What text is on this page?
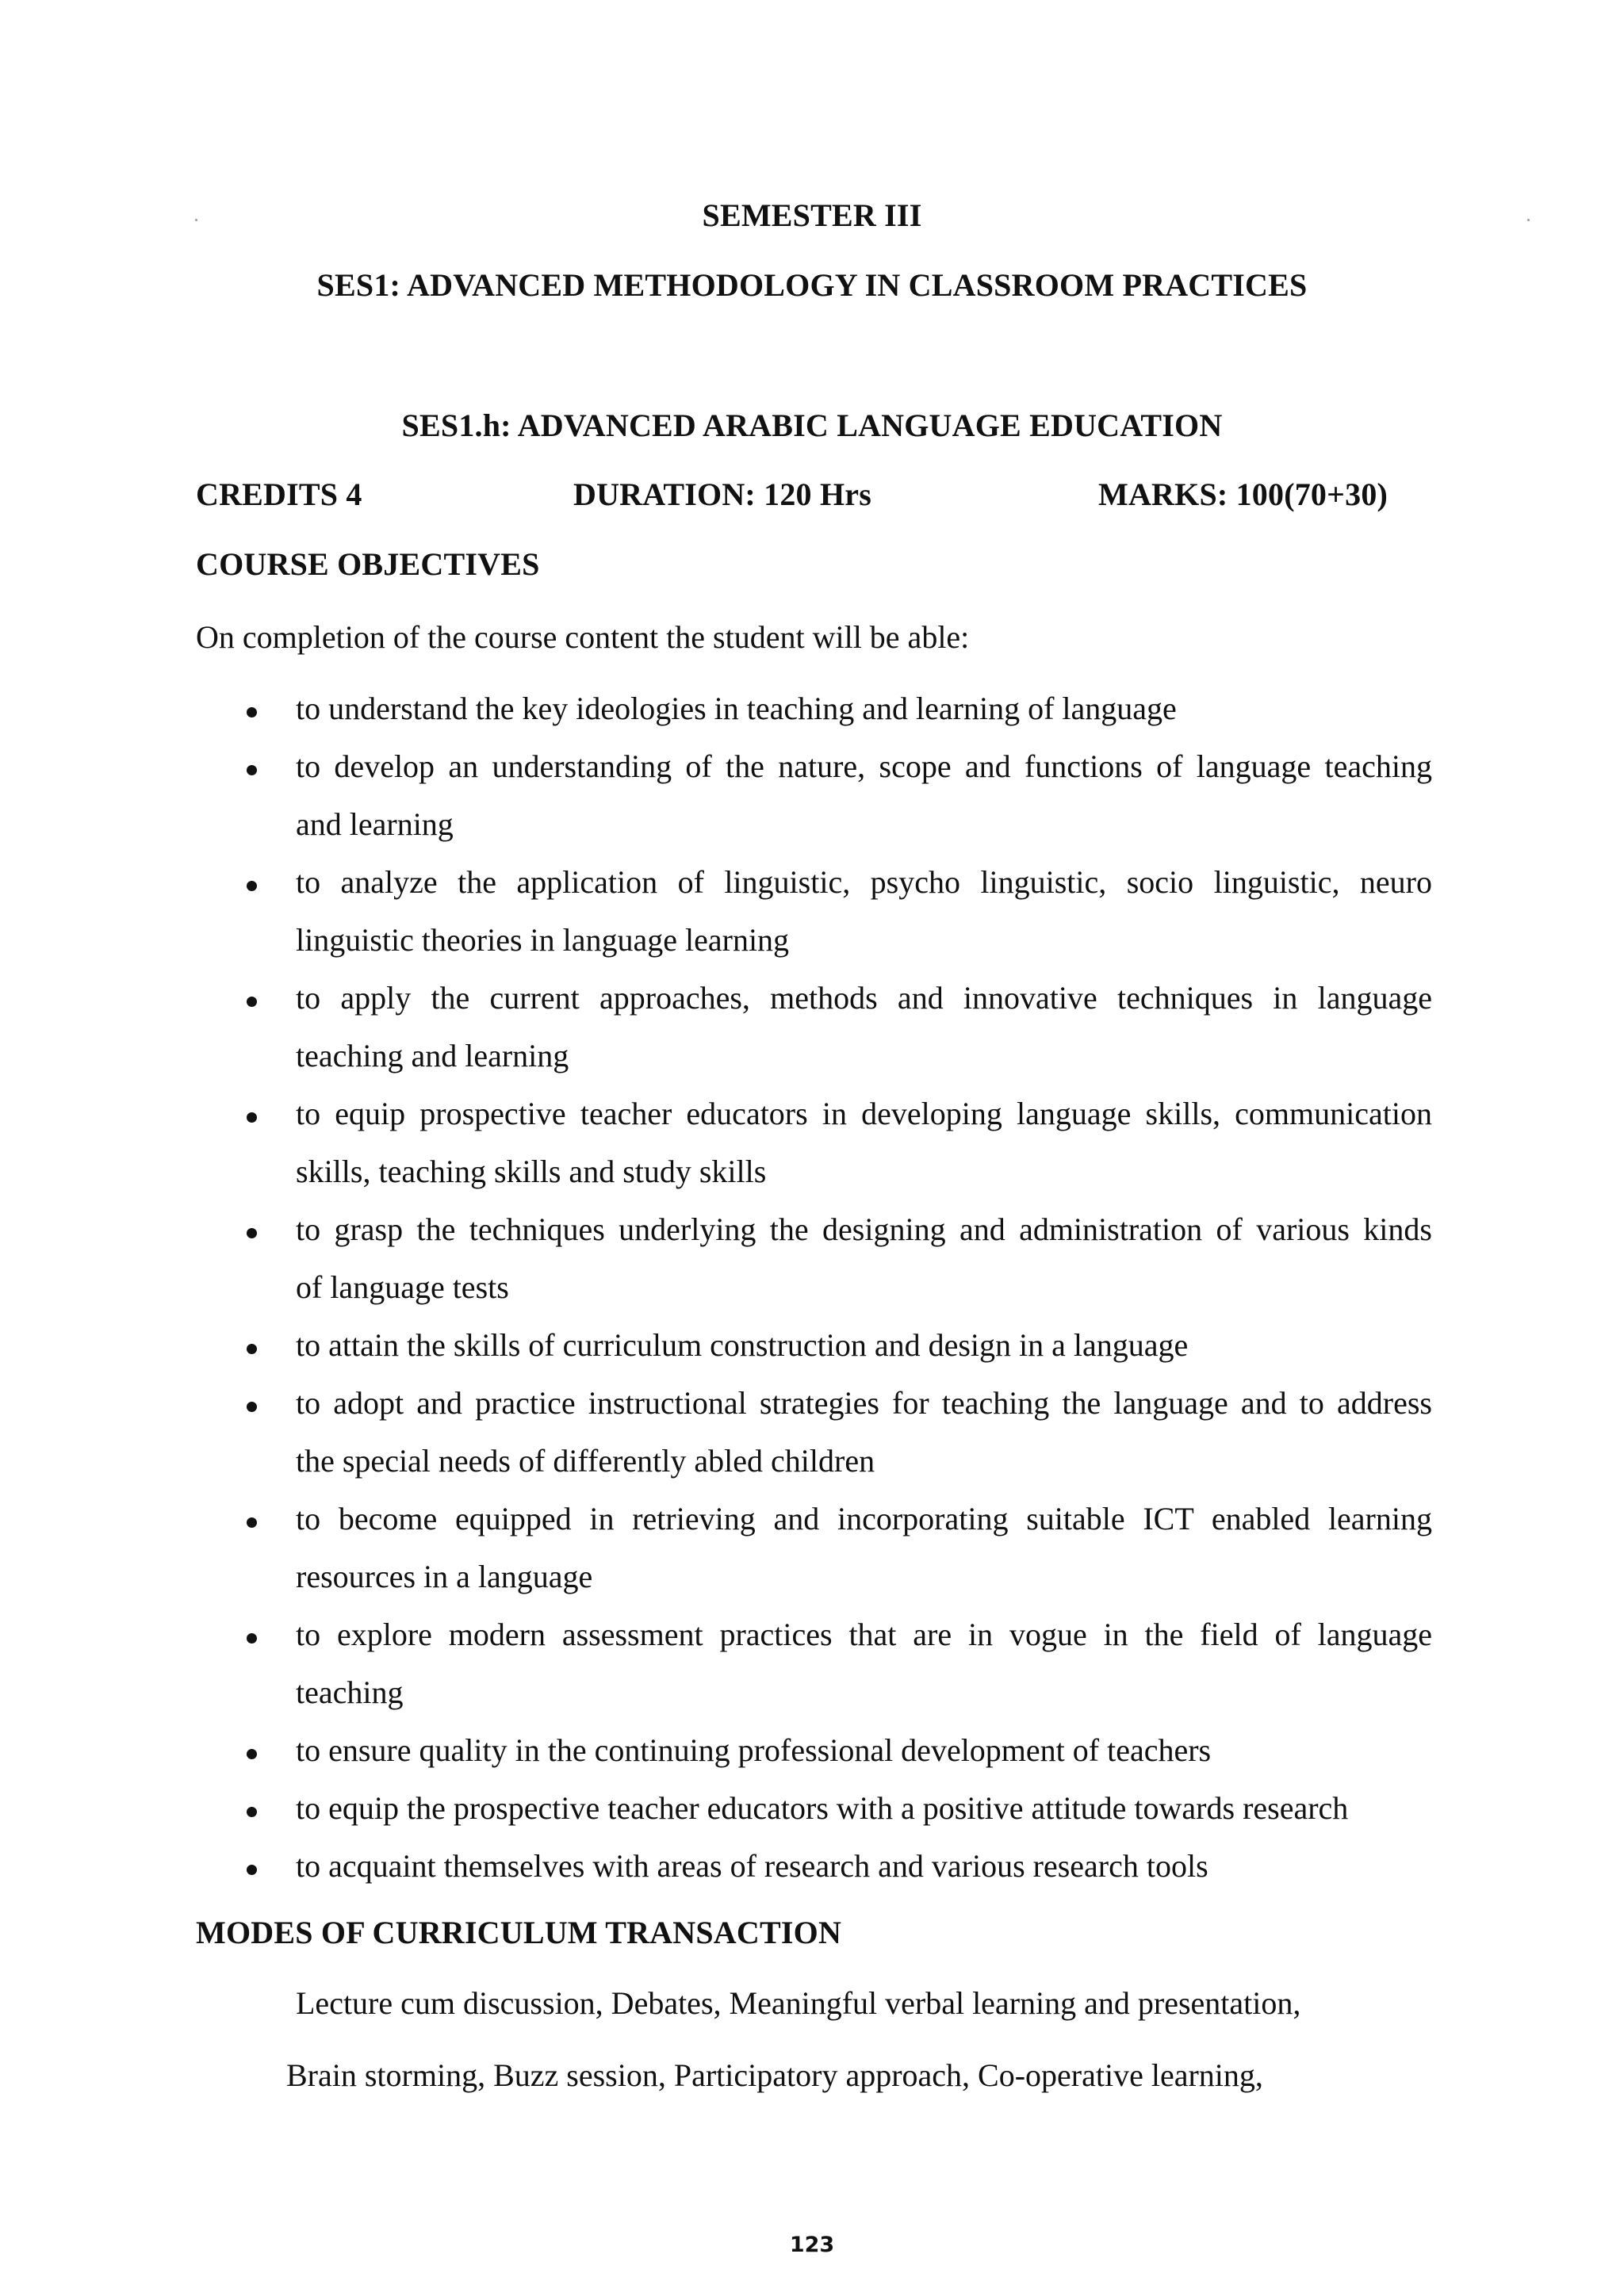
SEMESTER III
SES1: ADVANCED METHODOLOGY IN CLASSROOM PRACTICES
SES1.h: ADVANCED ARABIC LANGUAGE EDUCATION
CREDITS 4	DURATION: 120 Hrs	MARKS: 100(70+30)
COURSE OBJECTIVES
On completion of the course content the student will be able:
to understand the key ideologies in teaching and learning of language
to develop an understanding of the nature, scope and functions of language teaching
and learning
to analyze the application of linguistic, psycho linguistic, socio linguistic, neuro
linguistic theories in language learning
to apply the current approaches, methods and innovative techniques in language
teaching and learning
to equip prospective teacher educators in developing language skills, communication
skills, teaching skills and study skills
to grasp the techniques underlying the designing and administration of various kinds
of language tests
to attain the skills of curriculum construction and design in a language
to adopt and practice instructional strategies for teaching the language and to address
the special needs of differently abled children
to become equipped in retrieving and incorporating suitable ICT enabled learning
resources in a language
to explore modern assessment practices that are in vogue in the field of language
teaching
to ensure quality in the continuing professional development of teachers
to equip the prospective teacher educators with a positive attitude towards research
to acquaint themselves with areas of research and various research tools
MODES OF CURRICULUM TRANSACTION
Lecture cum discussion, Debates, Meaningful verbal learning and presentation,
Brain storming, Buzz session, Participatory approach, Co-operative learning,
123
